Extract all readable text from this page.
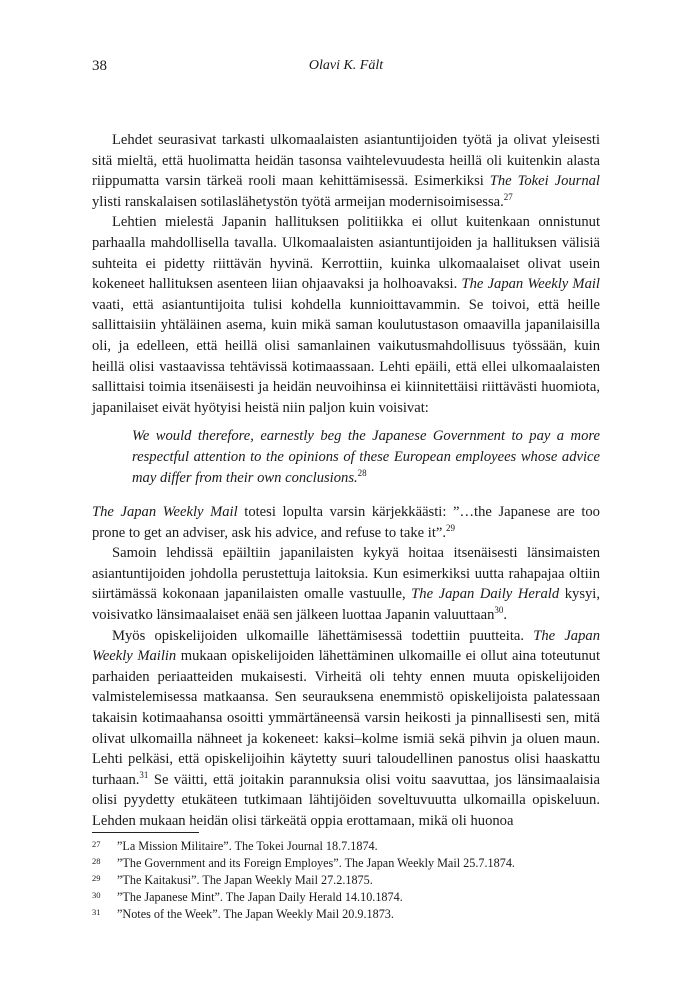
38	Olavi K. Fält

Lehdet seurasivat tarkasti ulkomaalaisten asiantuntijoiden työtä ja olivat yleisesti sitä mieltä, että huolimatta heidän tasonsa vaihtelevuudesta heillä oli kuitenkin alasta riippumatta varsin tärkeä rooli maan kehittämisessä. Esimerkiksi The Tokei Journal ylisti ranskalaisen sotilaslähetystön työtä armeijan modernisoimisessa.$^{27}$

Lehtien mielestä Japanin hallituksen politiikka ei ollut kuitenkaan onnistunut parhaalla mahdollisella tavalla. Ulkomaalaisten asiantuntijoiden ja hallituksen välisiä suhteita ei pidetty riittävän hyvinä. Kerrottiin, kuinka ulkomaalaiset olivat usein kokeneet hallituksen asenteen liian ohjaavaksi ja holhoavaksi. The Japan Weekly Mail vaati, että asiantuntijoita tulisi kohdella kunnioittavammin. Se toivoi, että heille sallittaisiin yhtäläinen asema, kuin mikä saman koulutustason omaavilla japanilaisilla oli, ja edelleen, että heillä olisi samanlainen vaikutusmahdollisuus työssään, kuin heillä olisi vastaavissa tehtävissä kotimaassaan. Lehti epäili, että ellei ulkomaalaisten sallittaisi toimia itsenäisesti ja heidän neuvoihinsa ei kiinnitettäisi riittävästi huomiota, japanilaiset eivät hyötyisi heistä niin paljon kuin voisivat:

We would therefore, earnestly beg the Japanese Government to pay a more respectful attention to the opinions of these European employees whose advice may differ from their own conclusions.$^{28}$

The Japan Weekly Mail totesi lopulta varsin kärjekkäästi: ”…the Japanese are too prone to get an adviser, ask his advice, and refuse to take it”.$^{29}$

Samoin lehdissä epäiltiin japanilaisten kykyä hoitaa itsenäisesti länsimaisten asiantuntijoiden johdolla perustettuja laitoksia. Kun esimerkiksi uutta rahapajaa oltiin siirtämässä kokonaan japanilaisten omalle vastuulle, The Japan Daily Herald kysyi, voisivatko länsimaalaiset enää sen jälkeen luottaa Japanin valuuttaan$^{30}$.

Myös opiskelijoiden ulkomaille lähettämisessä todettiin puutteita. The Japan Weekly Mailin mukaan opiskelijoiden lähettäminen ulkomaille ei ollut aina toteutunut parhaiden periaatteiden mukaisesti. Virheitä oli tehty ennen muuta opiskelijoiden valmistelemisessa matkaansa. Sen seurauksena enemmistö opiskelijoista palatessaan takaisin kotimaahansa osoitti ymmärtäneensä varsin heikosti ja pinnallisesti sen, mitä olivat ulkomailla nähneet ja kokeneet: kaksi–kolme ismiä sekä pihvin ja oluen maun. Lehti pelkäsi, että opiskelijoihin käytetty suuri taloudellinen panostus olisi haaskattu turhaan.$^{31}$ Se väitti, että joitakin parannuksia olisi voitu saavuttaa, jos länsimaalaisia olisi pyydetty etukäteen tutkimaan lähtijöiden soveltuvuutta ulkomailla opiskeluun. Lehden mukaan heidän olisi tärkeätä oppia erottamaan, mikä oli huonoa

27	”La Mission Militaire”. The Tokei Journal 18.7.1874.
28	”The Government and its Foreign Employes”. The Japan Weekly Mail 25.7.1874.
29	”The Kaitakusi”. The Japan Weekly Mail 27.2.1875.
30	”The Japanese Mint”. The Japan Daily Herald 14.10.1874.
31	”Notes of the Week”. The Japan Weekly Mail 20.9.1873.
